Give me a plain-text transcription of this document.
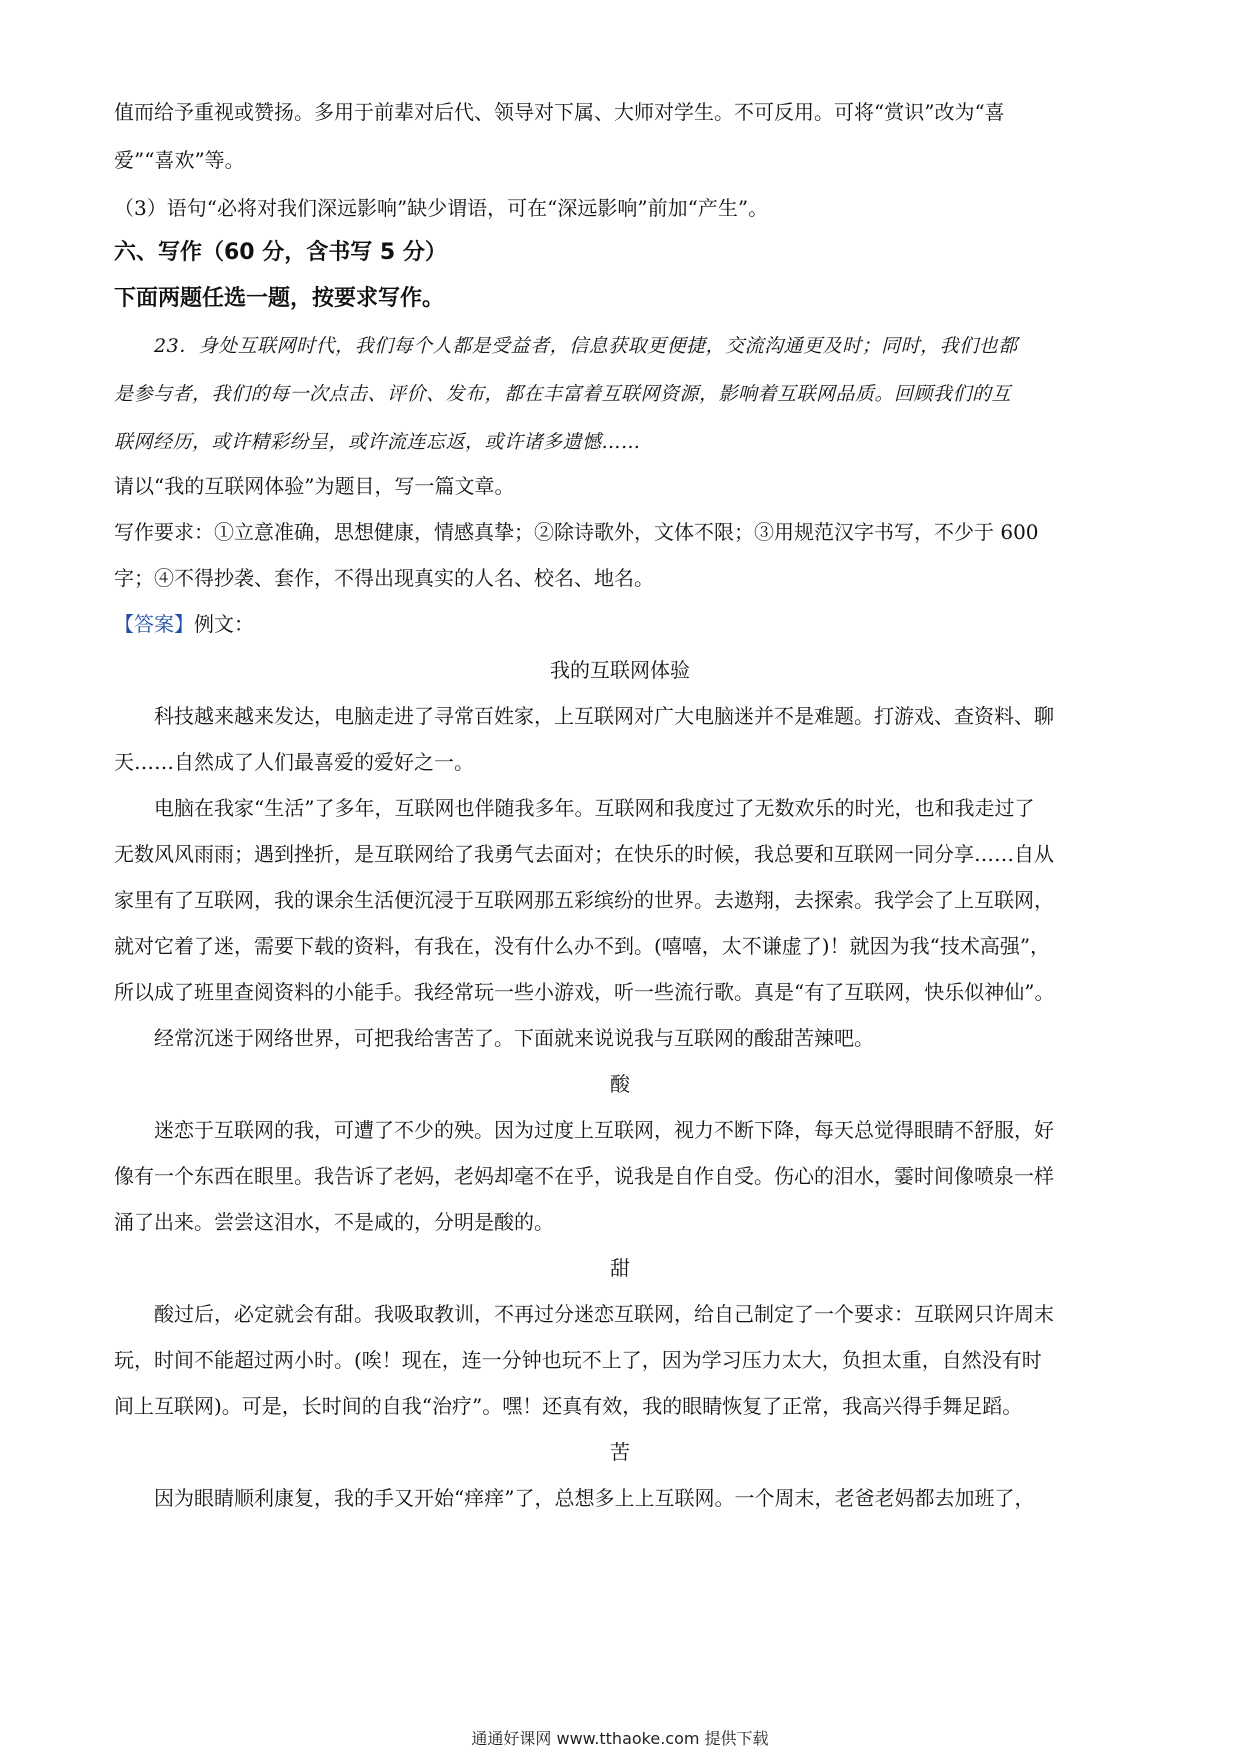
值而给予重视或赞扬。多用于前辈对后代、领导对下属、大师对学生。不可反用。可将“赏识”改为“喜

爱”“喜欢”等。

（3）语句“必将对我们深远影响”缺少谓语，可在“深远影响”前加“产生”。

六、写作（60 分，含书写 5 分）

下面两题任选一题，按要求写作。

23．身处互联网时代，我们每个人都是受益者，信息获取更便捷，交流沟通更及时；同时，我们也都

是参与者，我们的每一次点击、评价、发布，都在丰富着互联网资源，影响着互联网品质。回顾我们的互

联网经历，或许精彩纷呈，或许流连忘返，或许诸多遗憾……

请以“我的互联网体验”为题目，写一篇文章。

写作要求：①立意准确，思想健康，情感真挚；②除诗歌外，文体不限；③用规范汉字书写，不少于 600

字；④不得抄袭、套作，不得出现真实的人名、校名、地名。

【答案】例文：

我的互联网体验

科技越来越来发达，电脑走进了寻常百姓家，上互联网对广大电脑迷并不是难题。打游戏、查资料、聊

天……自然成了人们最喜爱的爱好之一。

电脑在我家“生活”了多年，互联网也伴随我多年。互联网和我度过了无数欢乐的时光，也和我走过了

无数风风雨雨；遇到挫折，是互联网给了我勇气去面对；在快乐的时候，我总要和互联网一同分享……自从

家里有了互联网，我的课余生活便沉浸于互联网那五彩缤纷的世界。去遨翔，去探索。我学会了上互联网，

就对它着了迷，需要下载的资料，有我在，没有什么办不到。(嘻嘻，太不谦虚了)！就因为我“技术高强”，

所以成了班里查阅资料的小能手。我经常玩一些小游戏，听一些流行歌。真是“有了互联网，快乐似神仙”。

经常沉迷于网络世界，可把我给害苦了。下面就来说说我与互联网的酸甜苦辣吧。

酸

迷恋于互联网的我，可遭了不少的殃。因为过度上互联网，视力不断下降，每天总觉得眼睛不舒服，好

像有一个东西在眼里。我告诉了老妈，老妈却毫不在乎，说我是自作自受。伤心的泪水，霎时间像喷泉一样

涌了出来。尝尝这泪水，不是咸的，分明是酸的。

甜

酸过后，必定就会有甜。我吸取教训，不再过分迷恋互联网，给自己制定了一个要求：互联网只许周末

玩，时间不能超过两小时。(唉！现在，连一分钟也玩不上了，因为学习压力太大，负担太重，自然没有时

间上互联网)。可是，长时间的自我“治疗”。嘿！还真有效，我的眼睛恢复了正常，我高兴得手舞足蹈。

苦

因为眼睛顺利康复，我的手又开始“痒痒”了，总想多上上互联网。一个周末，老爸老妈都去加班了，

通通好课网 www.tthaoke.com 提供下载
